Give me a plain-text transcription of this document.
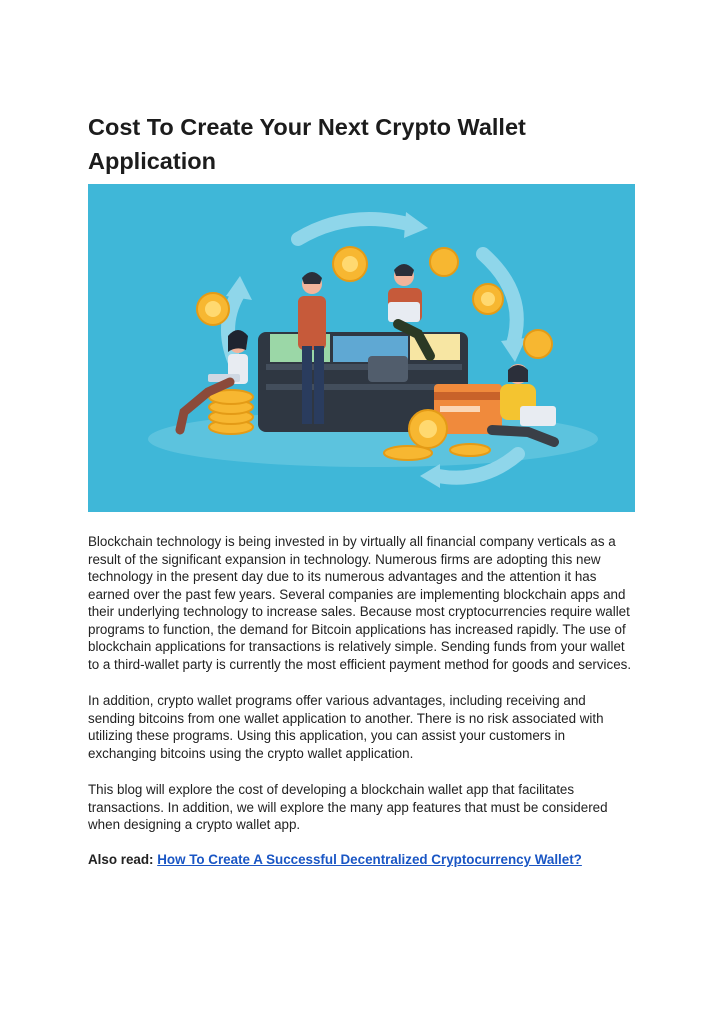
Cost To Create Your Next Crypto Wallet Application

Blockchain technology is being invested in by virtually all financial company verticals as a result of the significant expansion in technology. Numerous firms are adopting this new technology in the present day due to its numerous advantages and the attention it has earned over the past few years. Several companies are implementing blockchain apps and their underlying technology to increase sales. Because most cryptocurrencies require wallet programs to function, the demand for Bitcoin applications has increased rapidly. The use of blockchain applications for transactions is relatively simple. Sending funds from your wallet to a third-wallet party is currently the most efficient payment method for goods and services.

In addition, crypto wallet programs offer various advantages, including receiving and sending bitcoins from one wallet application to another. There is no risk associated with utilizing these programs. Using this application, you can assist your customers in exchanging bitcoins using the crypto wallet application.

This blog will explore the cost of developing a blockchain wallet app that facilitates transactions. In addition, we will explore the many app features that must be considered when designing a crypto wallet app.

Also read: How To Create A Successful Decentralized Cryptocurrency Wallet?
